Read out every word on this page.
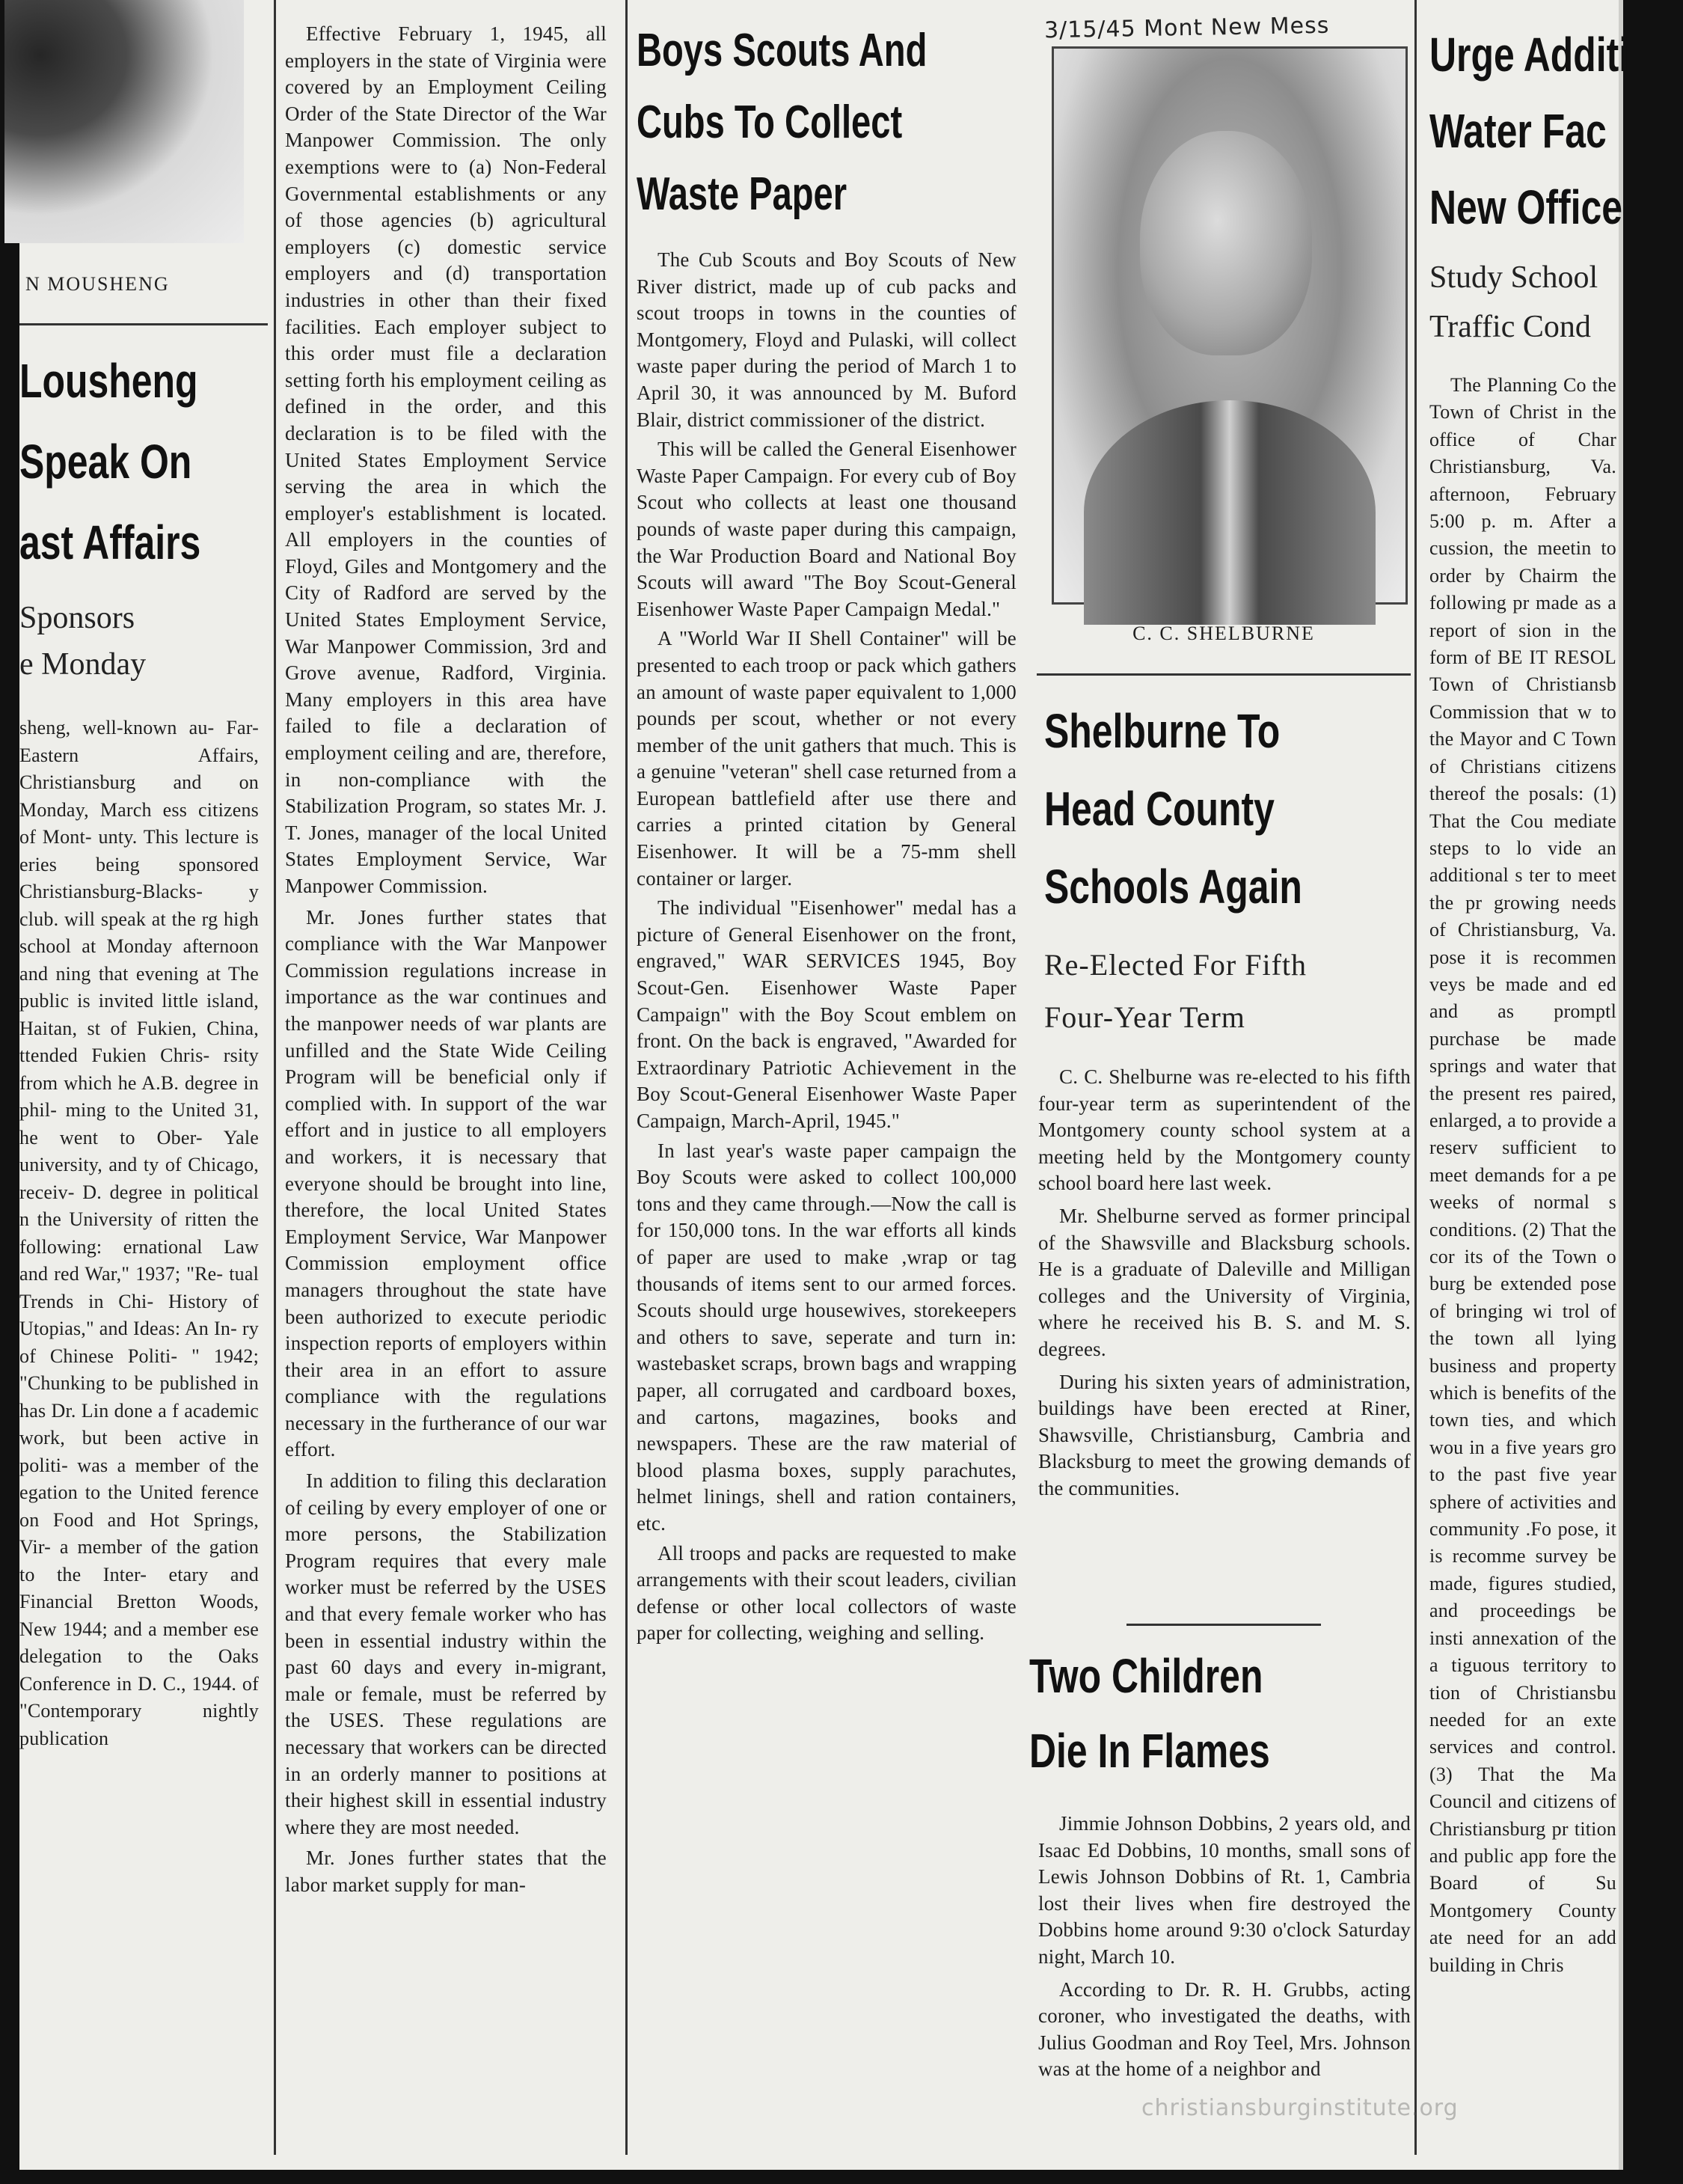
N MOUSHENG
Lousheng
Speak On
ast Affairs
Sponsors
e Monday

sheng, well-known au- Far-Eastern Affairs, Christiansburg and on Monday, March ess citizens of Mont- unty. This lecture is eries being sponsored Christiansburg-Blacks- y club. will speak at the rg high school at Monday afternoon and ning that evening at The public is invited little island, Haitan, st of Fukien, China, ttended Fukien Chris- rsity from which he A.B. degree in phil- ming to the United 31, he went to Ober- Yale university, and ty of Chicago, receiv- D. degree in political n the University of ritten the following: ernational Law and red War," 1937; "Re- tual Trends in Chi- History of Utopias," and Ideas: An In- ry of Chinese Politi- " 1942; "Chunking to be published in has Dr. Lin done a f academic work, but been active in politi- was a member of the egation to the United ference on Food and Hot Springs, Vir- a member of the gation to the Inter- etary and Financial Bretton Woods, New 1944; and a member ese delegation to the Oaks Conference in D. C., 1944. of "Contemporary nightly publication

Effective February 1, 1945, all employers in the state of Virginia were covered by an Employment Ceiling Order of the State Director of the War Manpower Commission. The only exemptions were to (a) Non-Federal Governmental establishments or any of those agencies (b) agricultural employers (c) domestic service employers and (d) transportation industries in other than their fixed facilities. Each employer subject to this order must file a declaration setting forth his employment ceiling as defined in the order, and this declaration is to be filed with the United States Employment Service serving the area in which the employer's establishment is located. All employers in the counties of Floyd, Giles and Montgomery and the City of Radford are served by the United States Employment Service, War Manpower Commission, 3rd and Grove avenue, Radford, Virginia. Many employers in this area have failed to file a declaration of employment ceiling and are, therefore, in non-compliance with the Stabilization Program, so states Mr. J. T. Jones, manager of the local United States Employment Service, War Manpower Commission.

Mr. Jones further states that compliance with the War Manpower Commission regulations increase in importance as the war continues and the manpower needs of war plants are unfilled and the State Wide Ceiling Program will be beneficial only if complied with. In support of the war effort and in justice to all employers and workers, it is necessary that everyone should be brought into line, therefore, the local United States Employment Service, War Manpower Commission employment office managers throughout the state have been authorized to execute periodic inspection reports of employers within their area in an effort to assure compliance with the regulations necessary in the furtherance of our war effort.

In addition to filing this declaration of ceiling by every employer of one or more persons, the Stabilization Program requires that every male worker must be referred by the USES and that every female worker who has been in essential industry within the past 60 days and every in-migrant, male or female, must be referred by the USES. These regulations are necessary that workers can be directed in an orderly manner to positions at their highest skill in essential industry where they are most needed.

Mr. Jones further states that the labor market supply for man-

Boys Scouts And
Cubs To Collect
Waste Paper

The Cub Scouts and Boy Scouts of New River district, made up of cub packs and scout troops in towns in the counties of Montgomery, Floyd and Pulaski, will collect waste paper during the period of March 1 to April 30, it was announced by M. Buford Blair, district commissioner of the district.

This will be called the General Eisenhower Waste Paper Campaign. For every cub of Boy Scout who collects at least one thousand pounds of waste paper during this campaign, the War Production Board and National Boy Scouts will award "The Boy Scout-General Eisenhower Waste Paper Campaign Medal."

A "World War II Shell Container" will be presented to each troop or pack which gathers an amount of waste paper equivalent to 1,000 pounds per scout, whether or not every member of the unit gathers that much. This is a genuine "veteran" shell case returned from a European battlefield after use there and carries a printed citation by General Eisenhower. It will be a 75-mm shell container or larger.

The individual "Eisenhower" medal has a picture of General Eisenhower on the front, engraved," WAR SERVICES 1945, Boy Scout-Gen. Eisenhower Waste Paper Campaign" with the Boy Scout emblem on front. On the back is engraved, "Awarded for Extraordinary Patriotic Achievement in the Boy Scout-General Eisenhower Waste Paper Campaign, March-April, 1945."

In last year's waste paper campaign the Boy Scouts were asked to collect 100,000 tons and they came through.—Now the call is for 150,000 tons. In the war efforts all kinds of paper are used to make ,wrap or tag thousands of items sent to our armed forces. Scouts should urge housewives, storekeepers and others to save, seperate and turn in: wastebasket scraps, brown bags and wrapping paper, all corrugated and cardboard boxes, and cartons, magazines, books and newspapers. These are the raw material of blood plasma boxes, supply parachutes, helmet linings, shell and ration containers, etc.

All troops and packs are requested to make arrangements with their scout leaders, civilian defense or other local collectors of waste paper for collecting, weighing and selling.

3/15/45 Mont New Mess
C. C. SHELBURNE
Shelburne To
Head County
Schools Again
Re-Elected For Fifth
Four-Year Term

C. C. Shelburne was re-elected to his fifth four-year term as superintendent of the Montgomery county school system at a meeting held by the Montgomery county school board here last week.

Mr. Shelburne served as former principal of the Shawsville and Blacksburg schools. He is a graduate of Daleville and Milligan colleges and the University of Virginia, where he received his B. S. and M. S. degrees.

During his sixten years of administration, buildings have been erected at Riner, Shawsville, Christiansburg, Cambria and Blacksburg to meet the growing demands of the communities.

Two Children
Die In Flames

Jimmie Johnson Dobbins, 2 years old, and Isaac Ed Dobbins, 10 months, small sons of Lewis Johnson Dobbins of Rt. 1, Cambria lost their lives when fire destroyed the Dobbins home around 9:30 o'clock Saturday night, March 10.

According to Dr. R. H. Grubbs, acting coroner, who investigated the deaths, with Julius Goodman and Roy Teel, Mrs. Johnson was at the home of a neighbor and

christiansburginstitute.org
Urge Additi
Water Fac
New Office
Study School
Traffic Cond

The Planning Co the Town of Christ in the office of Char Christiansburg, Va. afternoon, February 5:00 p. m. After a cussion, the meetin to order by Chairm the following pr made as a report of sion in the form of BE IT RESOL Town of Christiansb Commission that w to the Mayor and C Town of Christians citizens thereof the posals: (1) That the Cou mediate steps to lo vide an additional s ter to meet the pr growing needs of Christiansburg, Va. pose it is recommen veys be made and ed and as promptl purchase be made springs and water that the present res paired, enlarged, a to provide a reserv sufficient to meet demands for a pe weeks of normal s conditions. (2) That the cor its of the Town o burg be extended pose of bringing wi trol of the town all lying business and property which is benefits of the town ties, and which wou in a five years gro to the past five year sphere of activities and community .Fo pose, it is recomme survey be made, figures studied, and proceedings be insti annexation of the a tiguous territory to tion of Christiansbu needed for an exte services and control. (3) That the Ma Council and citizens of Christiansburg pr tition and public app fore the Board of Su Montgomery County ate need for an add building in Chris
